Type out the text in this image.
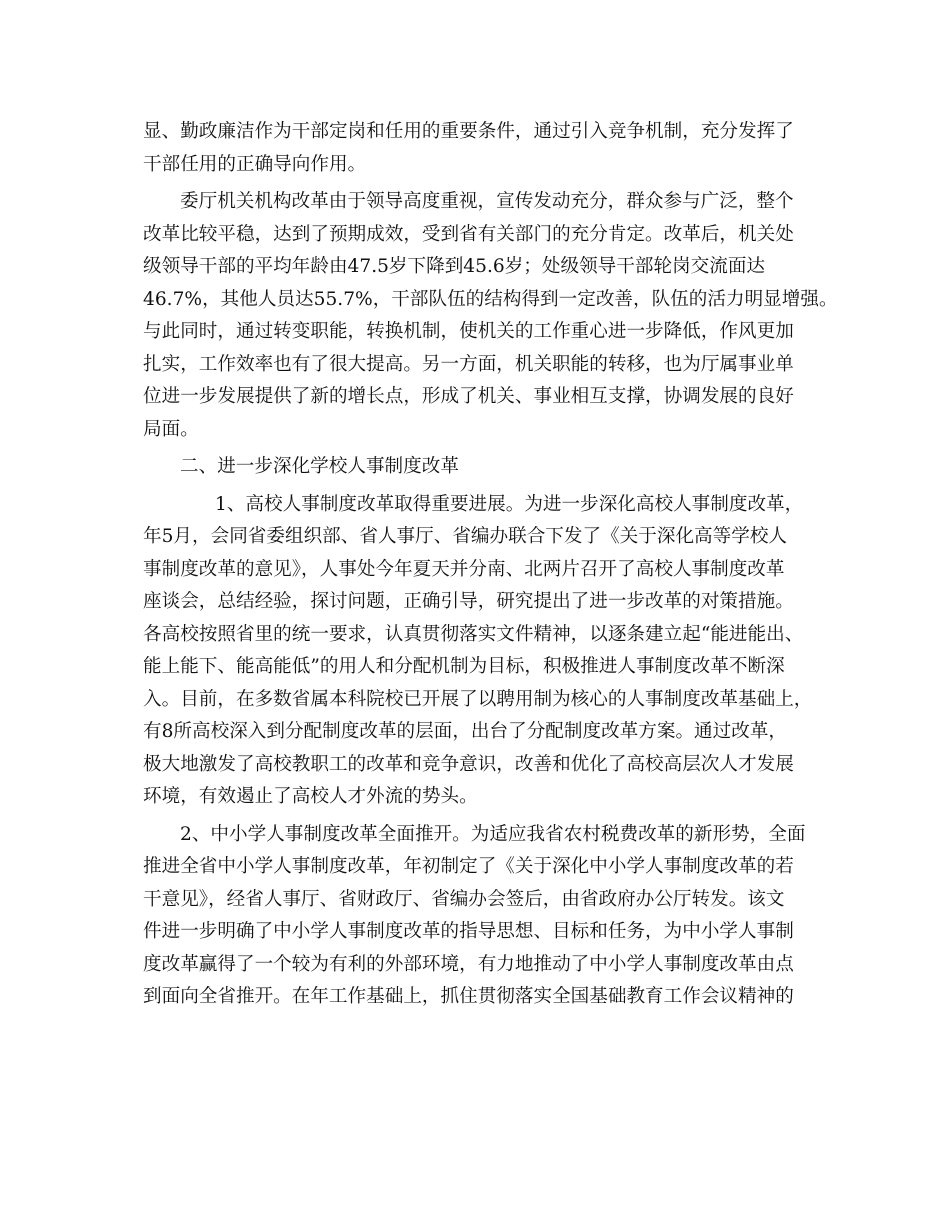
显、勤政廉洁作为干部定岗和任用的重要条件，通过引入竞争机制，充分发挥了
干部任用的正确导向作用。
委厅机关机构改革由于领导高度重视，宣传发动充分，群众参与广泛，整个
改革比较平稳，达到了预期成效，受到省有关部门的充分肯定。改革后，机关处
级领导干部的平均年龄由47.5岁下降到45.6岁；处级领导干部轮岗交流面达
46.7%，其他人员达55.7%，干部队伍的结构得到一定改善，队伍的活力明显增强。
与此同时，通过转变职能，转换机制，使机关的工作重心进一步降低，作风更加
扎实，工作效率也有了很大提高。另一方面，机关职能的转移，也为厅属事业单
位进一步发展提供了新的增长点，形成了机关、事业相互支撑，协调发展的良好
局面。
二、进一步深化学校人事制度改革
1、高校人事制度改革取得重要进展。为进一步深化高校人事制度改革，
年5月，会同省委组织部、省人事厅、省编办联合下发了《关于深化高等学校人
事制度改革的意见》，人事处今年夏天并分南、北两片召开了高校人事制度改革
座谈会，总结经验，探讨问题，正确引导，研究提出了进一步改革的对策措施。
各高校按照省里的统一要求，认真贯彻落实文件精神，以逐条建立起“能进能出、
能上能下、能高能低”的用人和分配机制为目标，积极推进人事制度改革不断深
入。目前，在多数省属本科院校已开展了以聘用制为核心的人事制度改革基础上，
有8所高校深入到分配制度改革的层面，出台了分配制度改革方案。通过改革，
极大地激发了高校教职工的改革和竞争意识，改善和优化了高校高层次人才发展
环境，有效遏止了高校人才外流的势头。
2、中小学人事制度改革全面推开。为适应我省农村税费改革的新形势，全面
推进全省中小学人事制度改革，年初制定了《关于深化中小学人事制度改革的若
干意见》，经省人事厅、省财政厅、省编办会签后，由省政府办公厅转发。该文
件进一步明确了中小学人事制度改革的指导思想、目标和任务，为中小学人事制
度改革赢得了一个较为有利的外部环境，有力地推动了中小学人事制度改革由点
到面向全省推开。在年工作基础上，抓住贯彻落实全国基础教育工作会议精神的
